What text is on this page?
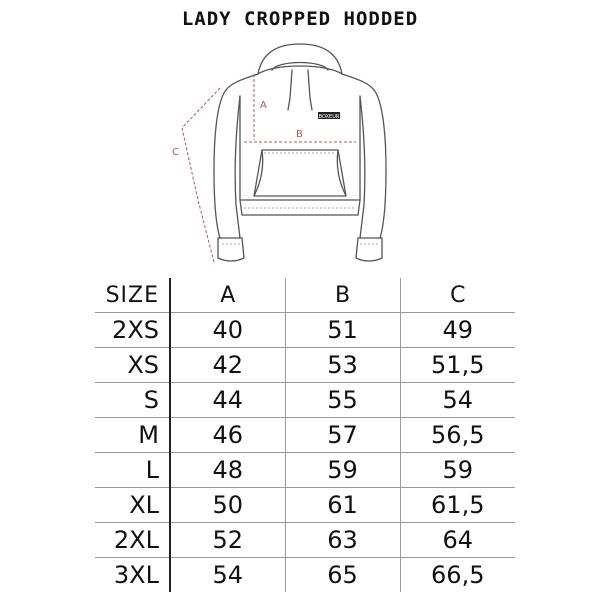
LADY CROPPED HODDED
BOXEUR
A
B
C
SIZE	A	B	C
2XS	40	51	49
XS	42	53	51,5
S	44	55	54
M	46	57	56,5
L	48	59	59
XL	50	61	61,5
2XL	52	63	64
3XL	54	65	66,5
